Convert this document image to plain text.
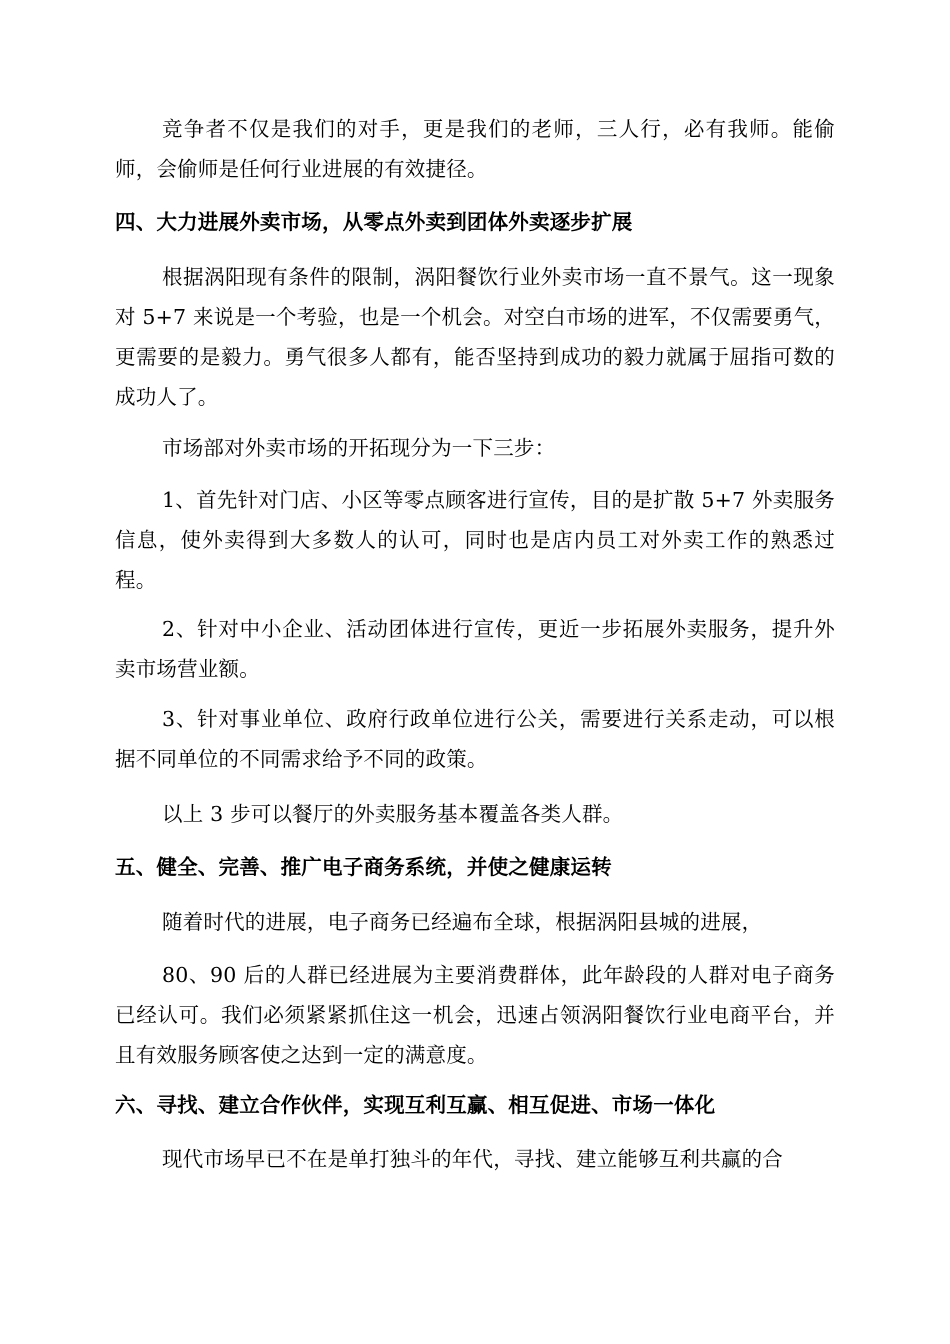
竞争者不仅是我们的对手，更是我们的老师，三人行，必有我师。能偷师，会偷师是任何行业进展的有效捷径。

四、大力进展外卖市场，从零点外卖到团体外卖逐步扩展

根据涡阳现有条件的限制，涡阳餐饮行业外卖市场一直不景气。这一现象对 5+7 来说是一个考验，也是一个机会。对空白市场的进军，不仅需要勇气，更需要的是毅力。勇气很多人都有，能否坚持到成功的毅力就属于屈指可数的成功人了。

市场部对外卖市场的开拓现分为一下三步：

1、首先针对门店、小区等零点顾客进行宣传，目的是扩散 5+7 外卖服务信息，使外卖得到大多数人的认可，同时也是店内员工对外卖工作的熟悉过程。

2、针对中小企业、活动团体进行宣传，更近一步拓展外卖服务，提升外卖市场营业额。

3、针对事业单位、政府行政单位进行公关，需要进行关系走动，可以根据不同单位的不同需求给予不同的政策。

以上 3 步可以餐厅的外卖服务基本覆盖各类人群。

五、健全、完善、推广电子商务系统，并使之健康运转

随着时代的进展，电子商务已经遍布全球，根据涡阳县城的进展，

80、90 后的人群已经进展为主要消费群体，此年龄段的人群对电子商务已经认可。我们必须紧紧抓住这一机会，迅速占领涡阳餐饮行业电商平台，并且有效服务顾客使之达到一定的满意度。

六、寻找、建立合作伙伴，实现互利互赢、相互促进、市场一体化

现代市场早已不在是单打独斗的年代，寻找、建立能够互利共赢的合
